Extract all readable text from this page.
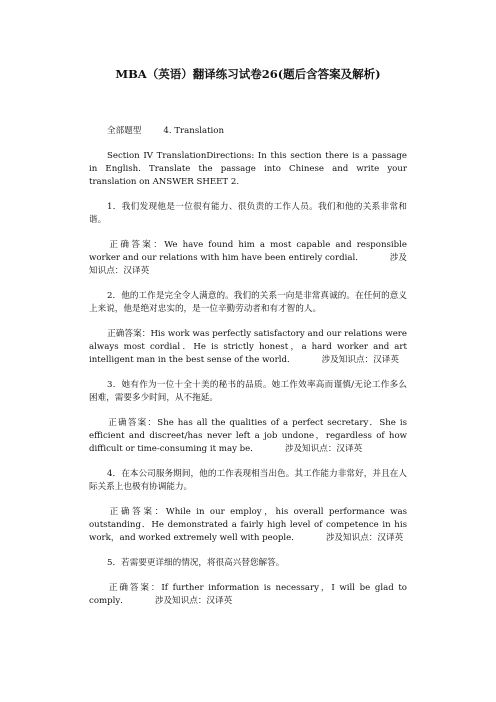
MBA（英语）翻译练习试卷26(题后含答案及解析)
全部题型	4. Translation
Section IV TranslationDirections: In this section there is a passage in English. Translate the passage into Chinese and write your translation on ANSWER SHEET 2.
1．我们发现他是一位很有能力、很负责的工作人员。我们和他的关系非常和谐。
正确答案：We have found him a most capable and responsible worker and our relations with him have been entirely cordial．	涉及知识点：汉译英
2．他的工作是完全令人满意的。我们的关系一向是非常真诚的。在任何的意义上来说，他是绝对忠实的，是一位辛勤劳动者和有才智的人。
正确答案：His work was perfectly satisfactory and our relations were always most cordial．He is strictly honest，a hard worker and art intelligent man in the best sense of the world．	涉及知识点：汉译英
3．她有作为一位十全十美的秘书的品质。她工作效率高而谨慎/无论工作多么困难，需要多少时间，从不拖延。
正确答案：She has all the qualities of a perfect secretary．She is efficient and discreet/has never left a job undone，regardless of how difficult or time-consuming it may be．	涉及知识点：汉译英
4．在本公司服务期间，他的工作表现相当出色。其工作能力非常好，并且在人际关系上也极有协调能力。
正确答案：While in our employ，his overall performance was outstanding．He demonstrated a fairly high level of competence in his work，and worked extremely well with people．	涉及知识点：汉译英
5．若需要更详细的情况，将很高兴替您解答。
正确答案：If further information is necessary，I will be glad to comply．	涉及知识点：汉译英
